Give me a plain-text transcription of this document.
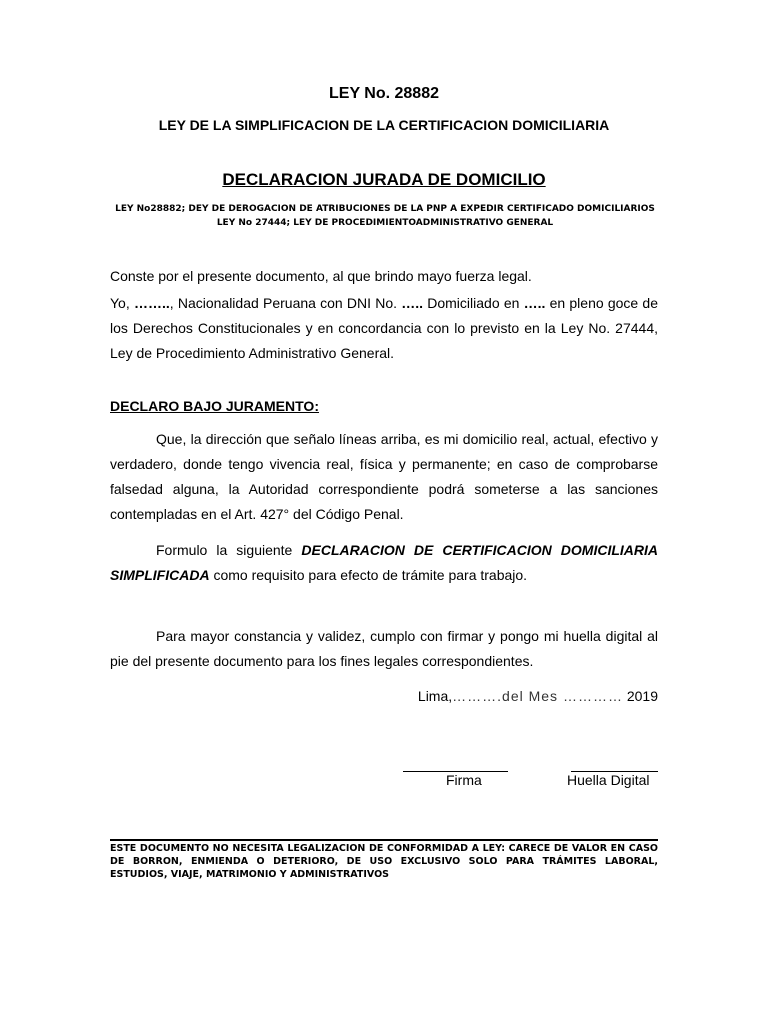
LEY No. 28882
LEY DE LA SIMPLIFICACION DE LA CERTIFICACION DOMICILIARIA
DECLARACION JURADA DE DOMICILIO
LEY No28882; DEY DE DEROGACION DE ATRIBUCIONES DE LA PNP A EXPEDIR CERTIFICADO DOMICILIARIOS LEY No 27444; LEY DE PROCEDIMIENTOADMINISTRATIVO GENERAL
Conste por el presente documento, al que brindo mayo fuerza legal.
Yo, …….., Nacionalidad Peruana con DNI No. ….. Domiciliado en ….. en pleno goce de los Derechos Constitucionales y en concordancia con lo previsto en la Ley No. 27444, Ley de Procedimiento Administrativo General.
DECLARO BAJO JURAMENTO:
Que, la dirección que señalo líneas arriba, es mi domicilio real, actual, efectivo y verdadero, donde tengo vivencia real, física y permanente; en caso de comprobarse falsedad alguna, la Autoridad correspondiente podrá someterse a las sanciones contempladas en el Art. 427° del Código Penal.
Formulo la siguiente DECLARACION DE CERTIFICACION DOMICILIARIA SIMPLIFICADA como requisito para efecto de trámite para trabajo.
Para mayor constancia y validez, cumplo con firmar y pongo mi huella digital al pie del presente documento para los fines legales correspondientes.
Lima,……….del Mes ………… 2019
Firma	Huella Digital
ESTE DOCUMENTO NO NECESITA LEGALIZACION DE CONFORMIDAD A LEY: CARECE DE VALOR EN CASO DE BORRON, ENMIENDA O DETERIORO, DE USO EXCLUSIVO SOLO PARA TRÁMITES LABORAL, ESTUDIOS, VIAJE, MATRIMONIO Y ADMINISTRATIVOS
